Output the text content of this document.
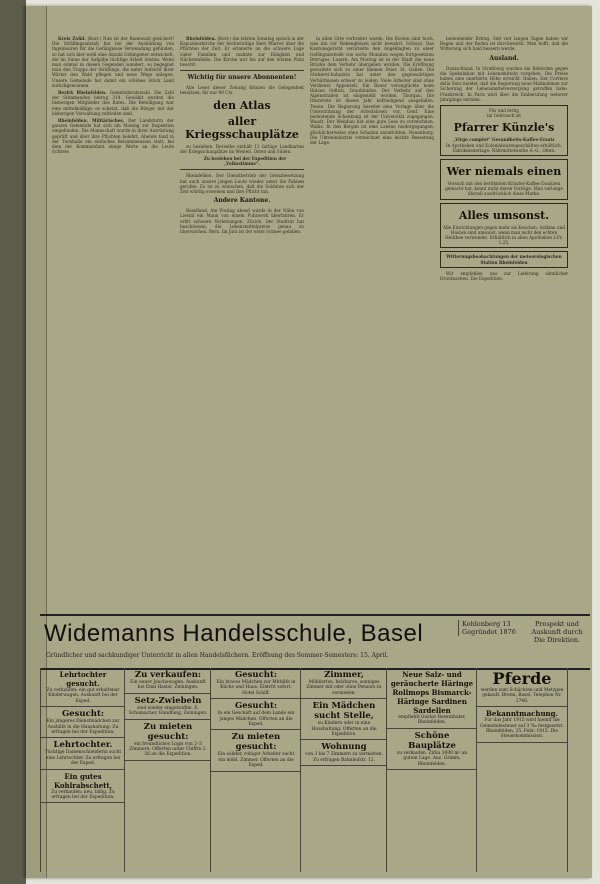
Kreis Zofid. (Korr.) Nun ist der Bannwald gesichert! Die Sträflingsanstalt hat bei der Ausbildung von Ingenieuren für die Gefängnisse Verwendung gefunden, so hat sich hier wohl eine Anzahl Gefangener entwickelt, die im Sinne der Aufgabe tüchtige Arbeit leisten. Wenn man einmal in diesen Gegenden wandert, so begegnet man den Trupps der Sträflinge, die unter Aufsicht ihrer Wärter den Wald pflegen und neue Wege anlegen. Unsere Gemeinde hat damit ein schönes Stück Land zurückgewonnen.

Bezirk Rheinfelden. Gemeinderatswahl. Die Zahl der Stimmenden betrug 314. Gewählt wurden die bisherigen Mitglieder des Rates. Die Beteiligung war eine mittelmäßige; es scheint, daß die Bürger mit der bisherigen Verwaltung zufrieden sind.

Rheinfelden. Militärisches. Der Landsturm der ganzen Gemeinde hat sich am Montag zur Inspektion eingefunden. Die Mannschaft wurde in ihrer Ausrüstung geprüft und über ihre Pflichten belehrt. Abends fand in der Turnhalle ein einfaches Beisammensein statt, bei dem der Kommandant einige Worte an die Leute richtete.

Rheinfelden. (Korr.) Am letzten Sonntag sprach in der Kapuzinerkirche der hochwürdige Herr Pfarrer über die Pflichten der Zeit. Er erinnerte an die schwere Lage vieler Familien und mahnte zur Einigkeit und Nächstenliebe. Die Kirche war bis auf den letzten Platz besetzt.

Wichtig für unsere Abonnenten!

Alle Leser dieser Zeitung können die Gelegenheit benützen, für nur 80 Cts.

den Atlas
aller Kriegsschauplätze

zu beziehen. Derselbe enthält 13 farbige Landkarten der Kriegsschauplätze im Westen, Osten und Süden.

Zu beziehen bei der Expedition der „Volksstimme“.

Rheinfelden. Der Dienstbetrieb der Grenzbesetzung hat auch unsere jungen Leute wieder unter die Fahnen gerufen. Es ist zu wünschen, daß die Soldaten sich der Zeit würdig erweisen und ihre Pflicht tun.

Andere Kantone.

Baselland. Am Freitag abend wurde in der Nähe von Liestal ein Mann von einem Fuhrwerk überfahren. Er erlitt schwere Verletzungen. Zürich. Der Stadtrat hat beschlossen, die Lebensmittelpreise genau zu überwachen. Bern. Im Jura ist der erste Schnee gefallen.

in allen Orte verbreitet wurde. Die Kosten sind hoch, was ihn vor Nebengleisen nicht bewahrt. Schwyz. Das Kantonsgericht verurteilte den Angeklagten zu einer Gefängnisstrafe von sechs Monaten wegen fortgesetzten Betruges. Luzern. Am Montag ist in der Stadt die neue Brücke dem Verkehr übergeben worden. Die Eröffnung gestaltete sich zu einer kleinen Feier. St. Gallen. Die Stickerei-Industrie hat unter den gegenwärtigen Verhältnissen schwer zu leiden. Viele Arbeiter sind ohne Verdienst. Appenzell. Ein Bauer verunglückte beim Holzen tödlich. Graubünden. Der Verkehr auf den Alpenstraßen ist eingestellt worden. Thurgau. Die Obsternte ist dieses Jahr befriedigend ausgefallen. Tessin. Die Regierung bereitet eine Vorlage über die Unterstützung der Arbeitslosen vor. Genf. Eine bedeutende Schenkung ist der Universität zugegangen. Waadt. Der Weinbau hat eine gute Lese zu verzeichnen. Wallis. In den Bergen ist eine Lawine niedergegangen, glücklicherweise ohne Schaden anzurichten. Neuenburg. Die Uhrenindustrie verzeichnet eine leichte Besserung der Lage.

bedeutender Ertrag. Seit vier langen Tagen haben wir Regen und der Boden ist durchweicht. Man hofft, daß die Witterung sich bald bessern werde.

Ausland.

Deutschland. In Straßburg wurden die Behörden gegen die Spekulation mit Lebensmitteln vorgehen. Die Preise haben eine unerhörte Höhe erreicht. Italien. Der Corriere della Sera meldet, daß die Regierung neue Maßnahmen zur Sicherung der Lebensmittelversorgung getroffen habe. Frankreich. In Paris wird über die Einberufung weiterer Jahrgänge beraten.

Für und fertig
im Gebrauch ist
Pfarrer Künzle's
„Virgo complet“ Gesundheits-Kaffee-Ersatz
In Apotheken und Kolonialwarengeschäften erhältlich. Fabrikniederlage: Nährmittelwerke A.-G., Olten.
Wer niemals einen
Versuch mit den berühmten Kräuter-Kaffee-Zusätzen gemacht hat, kennt nicht deren Vorzüge. Man verlange überall ausdrücklich diese Marke.
Alles umsonst.
Alle Einrichtungen gegen mehr als Keuchen, Asthma und Husten sind umsonst, wenn man nicht den echten Heilthee verwendet. Erhältlich in allen Apotheken à Fr. 1.25.
Witterungsbeobachtungen der meteorologischen Station Rheinfelden

Wir empfehlen uns zur Lieferung sämtlicher Drucksachen. Die Expedition.

Widemanns Handelsschule, Basel	Kohlenberg 13
Gegründet 1876
Prospekt und
Auskunft durch
Die Direktion.
Gründlicher und sachkundiger Unterricht in allen Handelsfächern. Eröffnung des Sommer-Semesters: 15. April.
Lehrtochter gesucht.
Zu verkaufen: ein gut erhaltener Kinderwagen. Auskunft bei der Exped.
Gesucht:
Ein jüngeres Dienstmädchen zur Aushilfe in die Haushaltung. Zu erfragen bei der Expedition.
Lehrtochter.
Tüchtige Damenschneiderin sucht eine Lehrtochter. Zu erfragen bei der Exped.
Ein gutes Kohlrabschett,
Zu verkaufen: neu, billig. Zu erfragen bei der Expedition.
Zu verkaufen:
Ein neuer Jauchewagen. Auskunft bei Emil Hasler, Zeiningen.
Setz-Zwiebeln
sind wieder eingetroffen. E. Schumacher, Handlung, Zeiningen.
Zu mieten gesucht:
ein freundliches Logis von 2–3 Zimmern. Offerten unter Chiffre 2. 26 an die Expedition.
Gesucht:
Ein braves Mädchen zur Mithilfe in Küche und Haus. Eintritt sofort. Hotel Schiff.
Gesucht:
In ein Geschäft auf dem Lande ein junges Mädchen. Offerten an die Exped.
Zu mieten gesucht:
Ein solider, ruhiger Arbeiter sucht ein möbl. Zimmer. Offerten an die Exped.
Zimmer,
Möbliertes, heizbares, sonniges Zimmer mit oder ohne Pension zu vermieten.
Ein Mädchen sucht Stelle,
zu Kindern oder in eine Haushaltung. Offerten an die Expedition.
Wohnung
von 3 bis 7 Zimmern zu vermieten. Zu erfragen Bahnhofstr. 12.
Neue Salz- und geräucherte Häringe Rollmops Bismarck-Häringe Sardinen Sardellen
empfiehlt Gustav Rosenthaler, Rheinfelden.
Schöne Bauplätze
zu verkaufen. Zirka 3000 m² an gutem Lage. Anz. Grimm, Rheinfelden.
Pferde
werden zum Schächten und Metzgen gekauft. Brenn, Basel, Telephon Nr. 1746.
Bekanntmachung.
Für das Jahr 1915 wird hiemit die Gemeindesteuer auf 3 ‰ festgesetzt. Rheinfelden, 25. Febr. 1915. Die Steuerkommission.
